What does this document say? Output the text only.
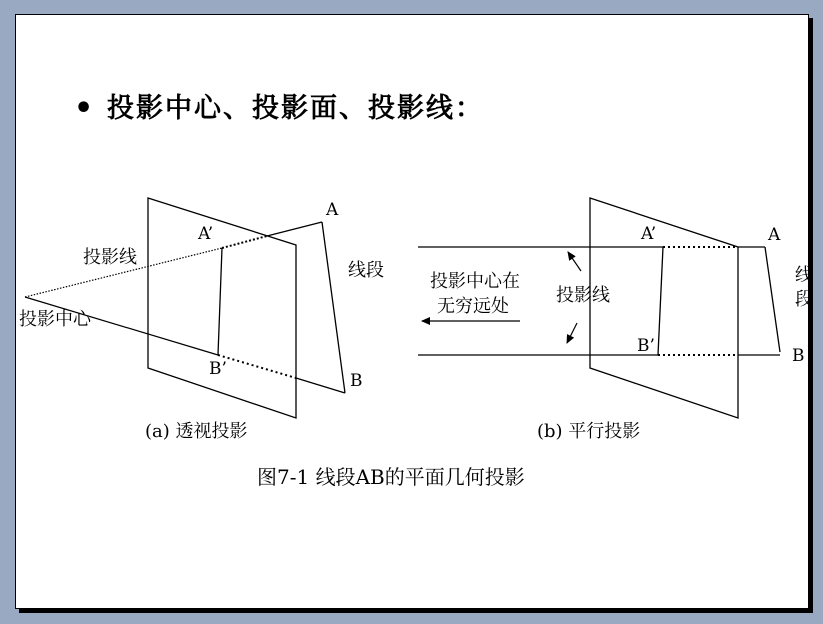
• 投影中心、投影面、投影线：
投影线
投影中心
A’
A
线段
B’
B
(a) 透视投影
投影中心在
无穷远处
投影线
A’	A
B’	B
线段
(b) 平行投影
图7-1 线段AB的平面几何投影
